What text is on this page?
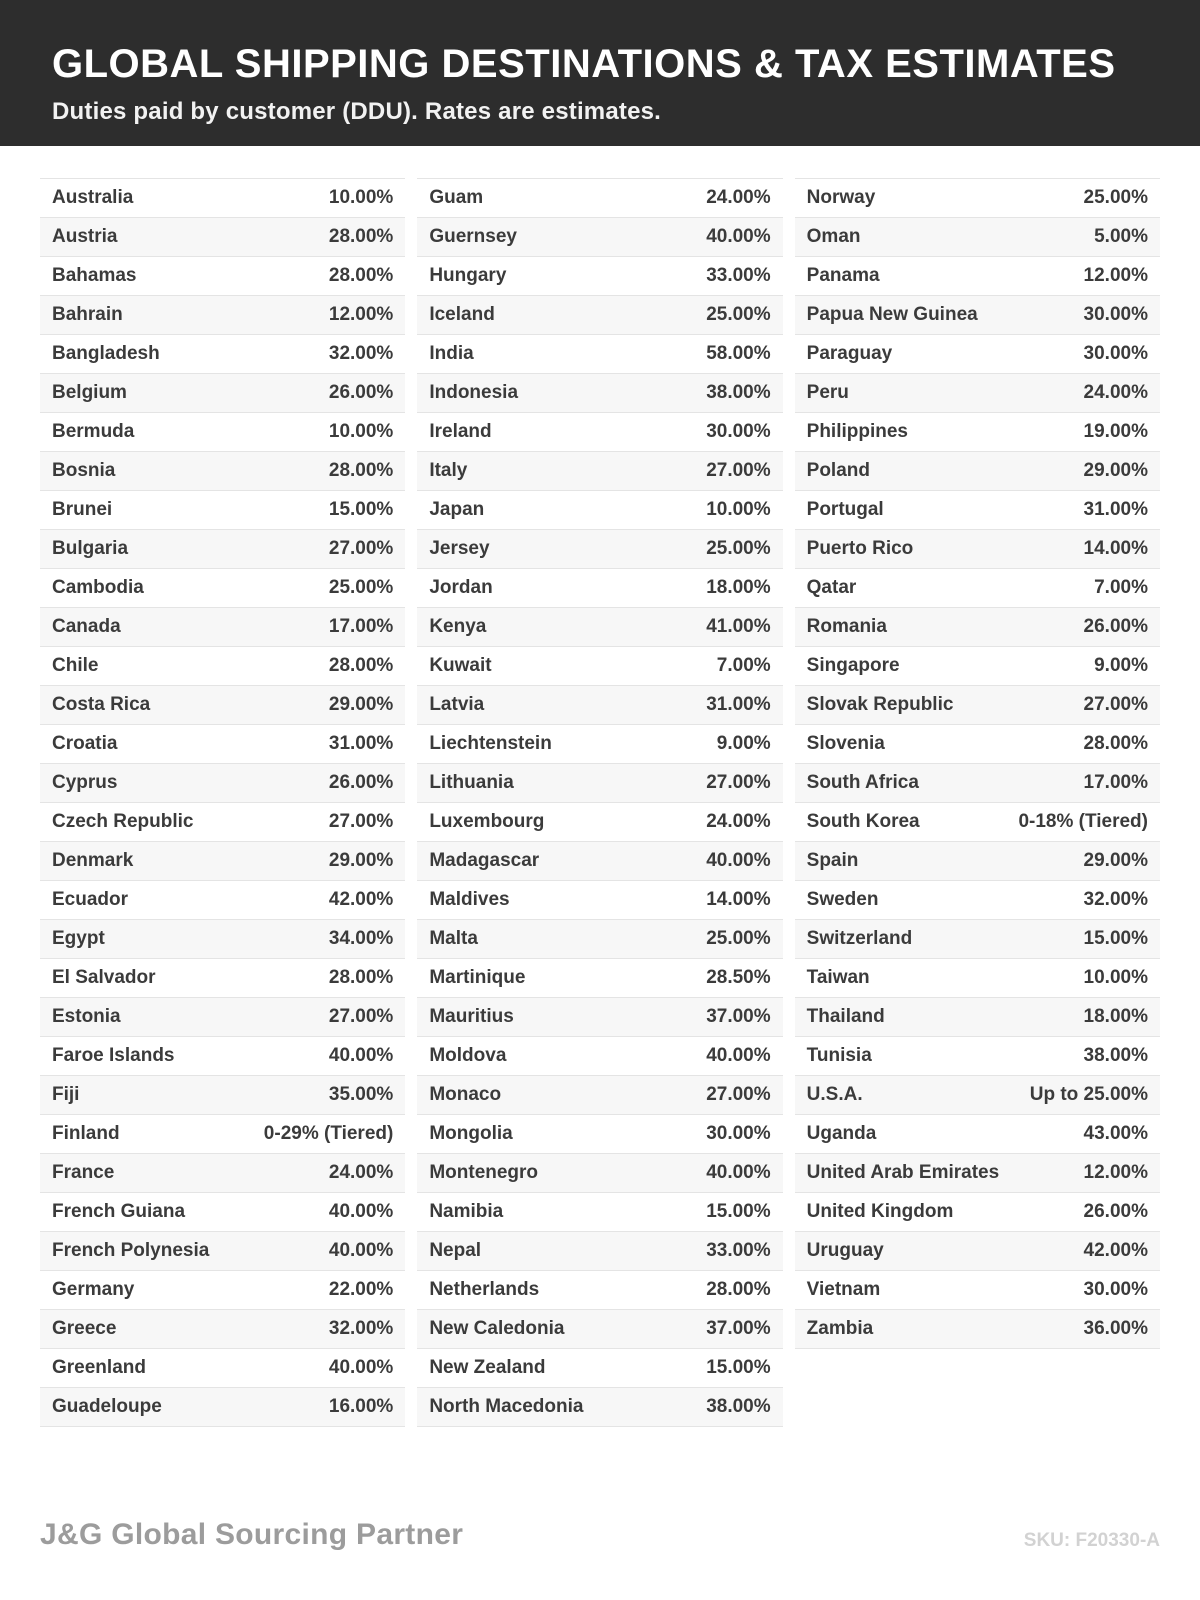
GLOBAL SHIPPING DESTINATIONS & TAX ESTIMATES
Duties paid by customer (DDU). Rates are estimates.
Australia	10.00%
Austria	28.00%
Bahamas	28.00%
Bahrain	12.00%
Bangladesh	32.00%
Belgium	26.00%
Bermuda	10.00%
Bosnia	28.00%
Brunei	15.00%
Bulgaria	27.00%
Cambodia	25.00%
Canada	17.00%
Chile	28.00%
Costa Rica	29.00%
Croatia	31.00%
Cyprus	26.00%
Czech Republic	27.00%
Denmark	29.00%
Ecuador	42.00%
Egypt	34.00%
El Salvador	28.00%
Estonia	27.00%
Faroe Islands	40.00%
Fiji	35.00%
Finland	0-29% (Tiered)
France	24.00%
French Guiana	40.00%
French Polynesia	40.00%
Germany	22.00%
Greece	32.00%
Greenland	40.00%
Guadeloupe	16.00%
Guam	24.00%
Guernsey	40.00%
Hungary	33.00%
Iceland	25.00%
India	58.00%
Indonesia	38.00%
Ireland	30.00%
Italy	27.00%
Japan	10.00%
Jersey	25.00%
Jordan	18.00%
Kenya	41.00%
Kuwait	7.00%
Latvia	31.00%
Liechtenstein	9.00%
Lithuania	27.00%
Luxembourg	24.00%
Madagascar	40.00%
Maldives	14.00%
Malta	25.00%
Martinique	28.50%
Mauritius	37.00%
Moldova	40.00%
Monaco	27.00%
Mongolia	30.00%
Montenegro	40.00%
Namibia	15.00%
Nepal	33.00%
Netherlands	28.00%
New Caledonia	37.00%
New Zealand	15.00%
North Macedonia	38.00%
Norway	25.00%
Oman	5.00%
Panama	12.00%
Papua New Guinea	30.00%
Paraguay	30.00%
Peru	24.00%
Philippines	19.00%
Poland	29.00%
Portugal	31.00%
Puerto Rico	14.00%
Qatar	7.00%
Romania	26.00%
Singapore	9.00%
Slovak Republic	27.00%
Slovenia	28.00%
South Africa	17.00%
South Korea	0-18% (Tiered)
Spain	29.00%
Sweden	32.00%
Switzerland	15.00%
Taiwan	10.00%
Thailand	18.00%
Tunisia	38.00%
U.S.A.	Up to 25.00%
Uganda	43.00%
United Arab Emirates	12.00%
United Kingdom	26.00%
Uruguay	42.00%
Vietnam	30.00%
Zambia	36.00%
J&G Global Sourcing Partner	SKU: F20330-A
